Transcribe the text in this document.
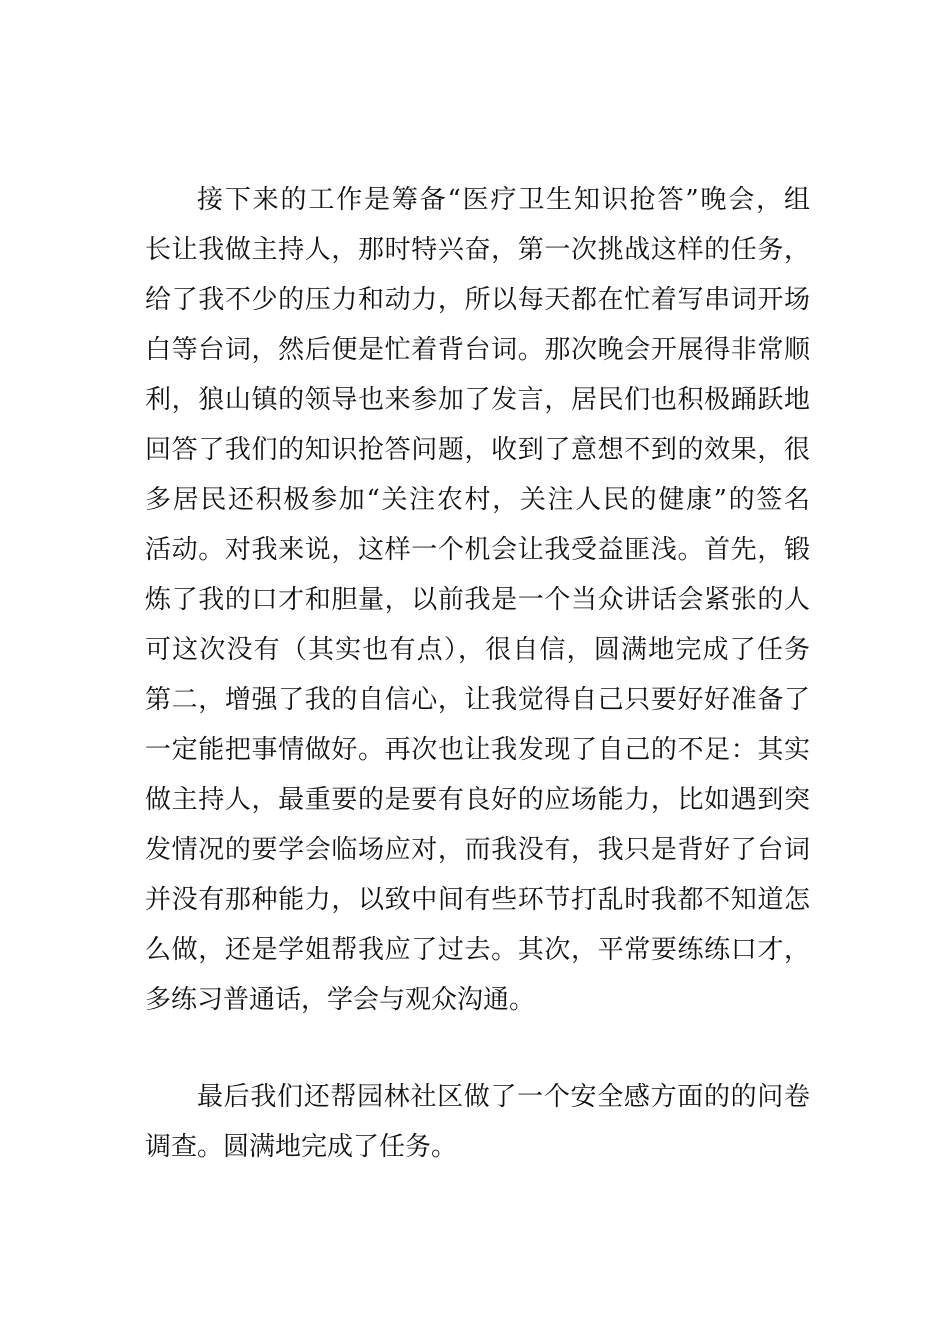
接下来的工作是筹备“医疗卫生知识抢答”晚会，组

长让我做主持人，那时特兴奋，第一次挑战这样的任务，

给了我不少的压力和动力，所以每天都在忙着写串词开场

白等台词，然后便是忙着背台词。那次晚会开展得非常顺

利，狼山镇的领导也来参加了发言，居民们也积极踊跃地

回答了我们的知识抢答问题，收到了意想不到的效果，很

多居民还积极参加“关注农村，关注人民的健康”的签名

活动。对我来说，这样一个机会让我受益匪浅。首先，锻

炼了我的口才和胆量，以前我是一个当众讲话会紧张的人

可这次没有（其实也有点），很自信，圆满地完成了任务

第二，增强了我的自信心，让我觉得自己只要好好准备了

一定能把事情做好。再次也让我发现了自己的不足：其实

做主持人，最重要的是要有良好的应场能力，比如遇到突

发情况的要学会临场应对，而我没有，我只是背好了台词

并没有那种能力，以致中间有些环节打乱时我都不知道怎

么做，还是学姐帮我应了过去。其次，平常要练练口才，

多练习普通话，学会与观众沟通。

最后我们还帮园林社区做了一个安全感方面的的问卷

调查。圆满地完成了任务。
